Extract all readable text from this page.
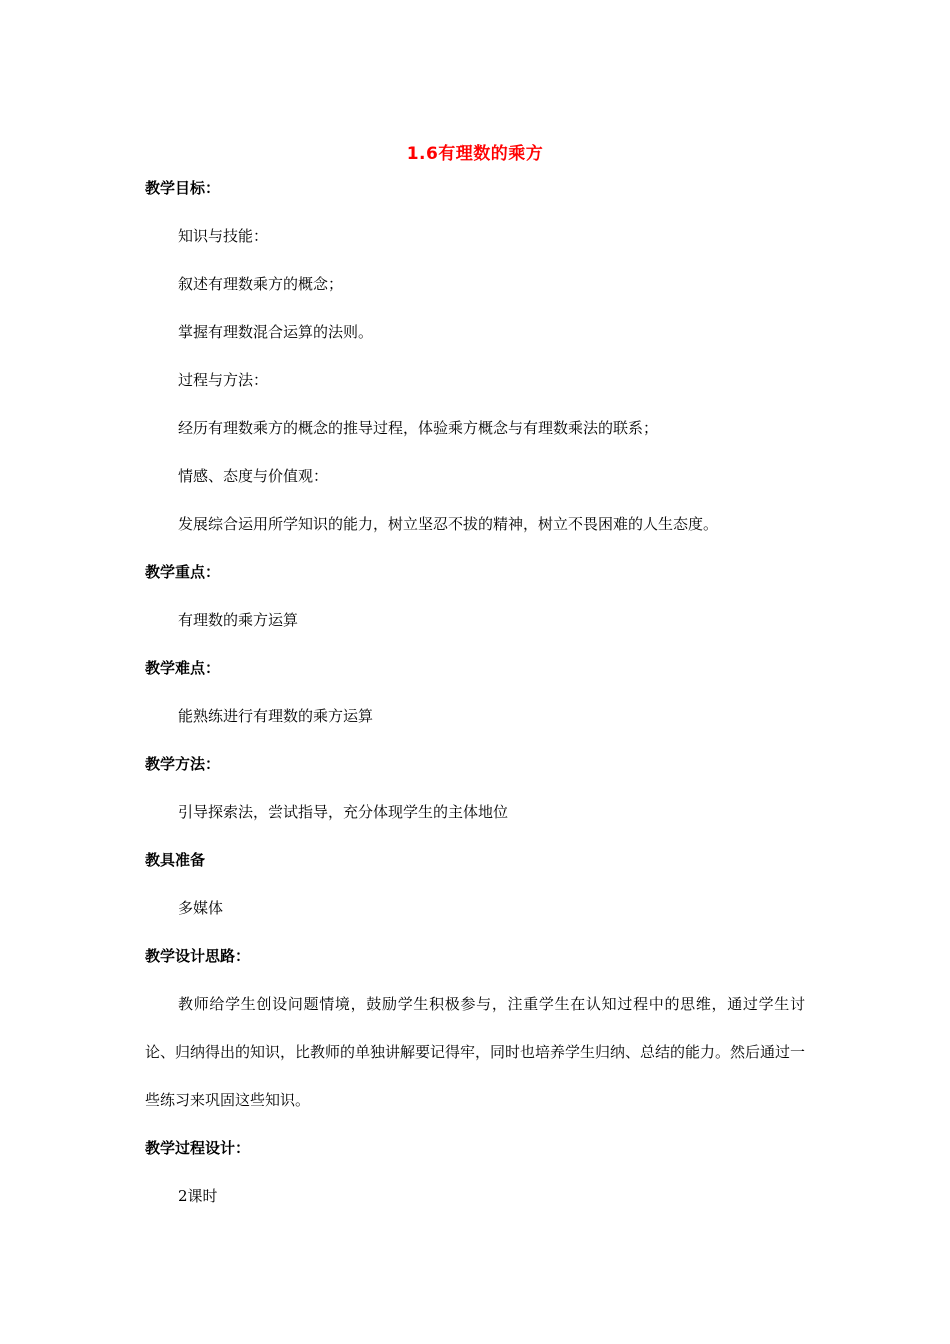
1.6有理数的乘方
教学目标：

知识与技能：

叙述有理数乘方的概念；

掌握有理数混合运算的法则。

过程与方法：

经历有理数乘方的概念的推导过程，体验乘方概念与有理数乘法的联系；

情感、态度与价值观：

发展综合运用所学知识的能力，树立坚忍不拔的精神，树立不畏困难的人生态度。

教学重点：

有理数的乘方运算

教学难点：

能熟练进行有理数的乘方运算

教学方法：

引导探索法，尝试指导，充分体现学生的主体地位

教具准备

多媒体

教学设计思路：

教师给学生创设问题情境，鼓励学生积极参与，注重学生在认知过程中的思维，通过学生讨论、归纳得出的知识，比教师的单独讲解要记得牢，同时也培养学生归纳、总结的能力。然后通过一些练习来巩固这些知识。

教学过程设计：

2课时
